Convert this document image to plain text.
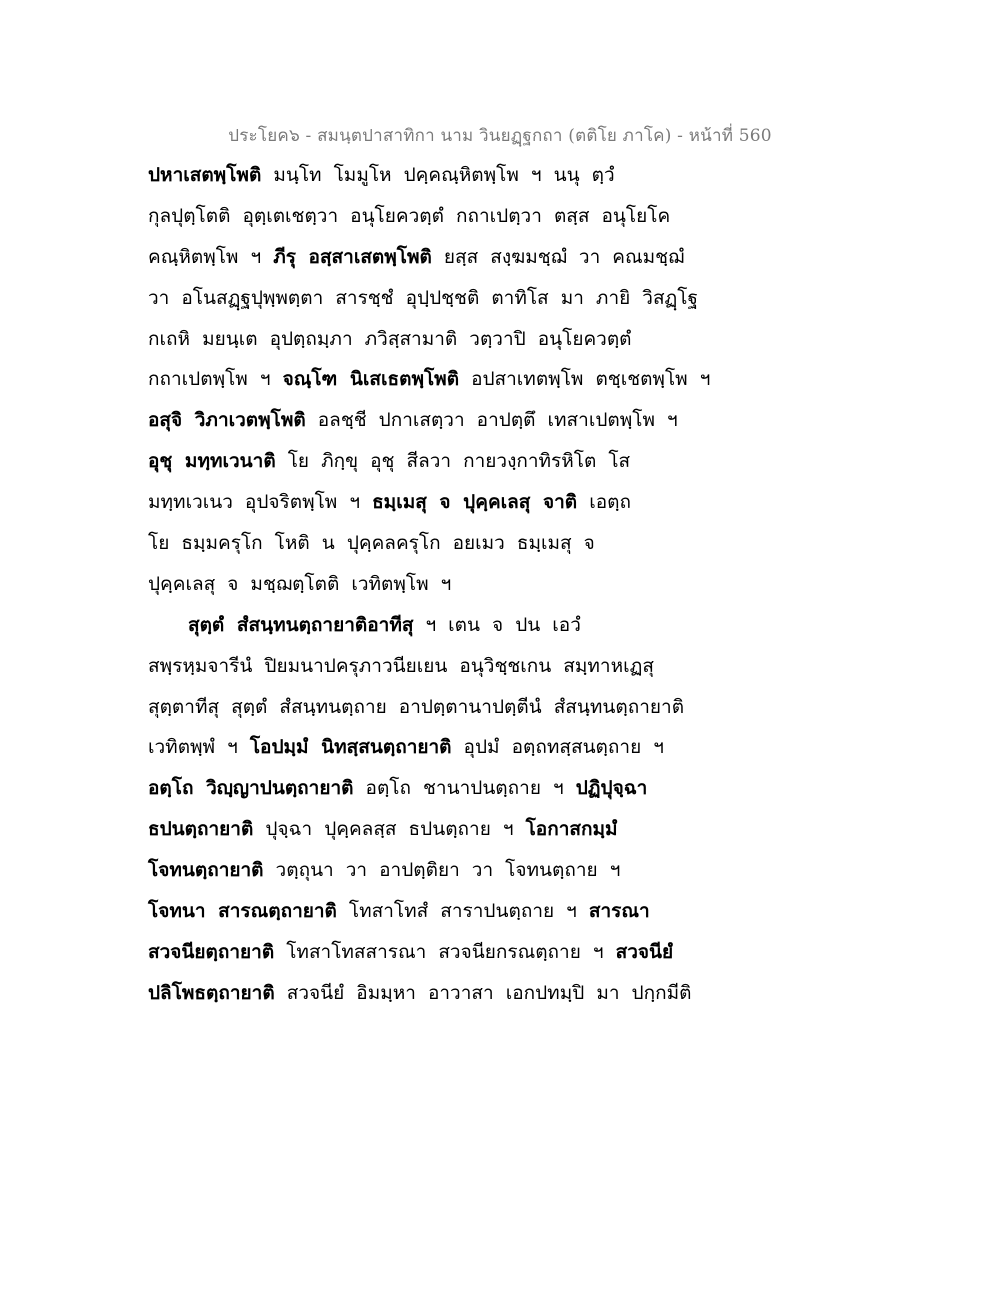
ประโยค๖ - สมนฺตปาสาทิกา นาม วินยฏฺฐกถา (ตติโย ภาโค) - หน้าที่ 560
ปหาเสตพฺโพติ มนฺโท โมมูโห ปคฺคณฺหิตพฺโพ ฯ นนุ ตฺวํ
กุลปุตฺโตติ อุตฺเตเชตฺวา อนุโยควตฺตํ กถาเปตฺวา ตสฺส อนุโยโค
คณฺหิตพฺโพ ฯ ภีรุ อสฺสาเสตพฺโพติ ยสฺส สงฺฆมชฺฌํ วา คณมชฺฌํ
วา อโนสฏฺฐปุพฺพตฺตา สารชฺชํ อุปฺปชฺชติ ตาทิโส มา ภายิ วิสฏฺโฐ
กเถหิ มยนฺเต อุปตฺถมฺภา ภวิสฺสามาติ วตฺวาปิ อนุโยควตฺตํ
กถาเปตพฺโพ ฯ จณฺโฑ นิเสเธตพฺโพติ อปสาเทตพฺโพ ตชฺเชตพฺโพ ฯ
อสุจิ วิภาเวตพฺโพติ อลชฺชี ปกาเสตฺวา อาปตฺตึ เทสาเปตพฺโพ ฯ
อุชุ มทฺทเวนาติ โย ภิกฺขุ อุชุ สีลวา กายวงฺกาทิรหิโต โส
มทฺทเวเนว อุปจริตพฺโพ ฯ ธมฺเมสุ จ ปุคฺคเลสุ จาติ เอตฺถ
โย ธมฺมครุโก โหติ น ปุคฺคลครุโก อยเมว ธมฺเมสุ จ
ปุคฺคเลสุ จ มชฺฌตฺโตติ เวทิตพฺโพ ฯ
สุตฺตํ สํสนฺทนตฺถายาติอาทีสุ ฯ เตน จ ปน เอวํ
สพฺรหฺมจารีนํ ปิยมนาปครุภาวนียเยน อนุวิชฺชเกน สมฺทาหเฏสุ
สุตฺตาทีสุ สุตฺตํ สํสนฺทนตฺถาย อาปตฺตานาปตฺตีนํ สํสนฺทนตฺถายาติ
เวทิตพฺพํ ฯ โอปมฺมํ นิทสฺสนตฺถายาติ อุปมํ อตฺถทสฺสนตฺถาย ฯ
อตฺโถ วิญฺญาปนตฺถายาติ อตฺโถ ชานาปนตฺถาย ฯ ปฏิปุจฺฉา
ธปนตฺถายาติ ปุจฺฉา ปุคฺคลสฺส ธปนตฺถาย ฯ โอกาสกมฺมํ
โจทนตฺถายาติ วตฺถุนา วา อาปตฺติยา วา โจทนตฺถาย ฯ
โจทนา สารณตฺถายาติ โทสาโทสํ สาราปนตฺถาย ฯ สารณา
สวจนียตฺถายาติ โทสาโทสสารณา สวจนียกรณตฺถาย ฯ สวจนียํ
ปลิโพธตฺถายาติ สวจนียํ อิมมฺหา อาวาสา เอกปทมฺปิ มา ปกฺกมีติ
